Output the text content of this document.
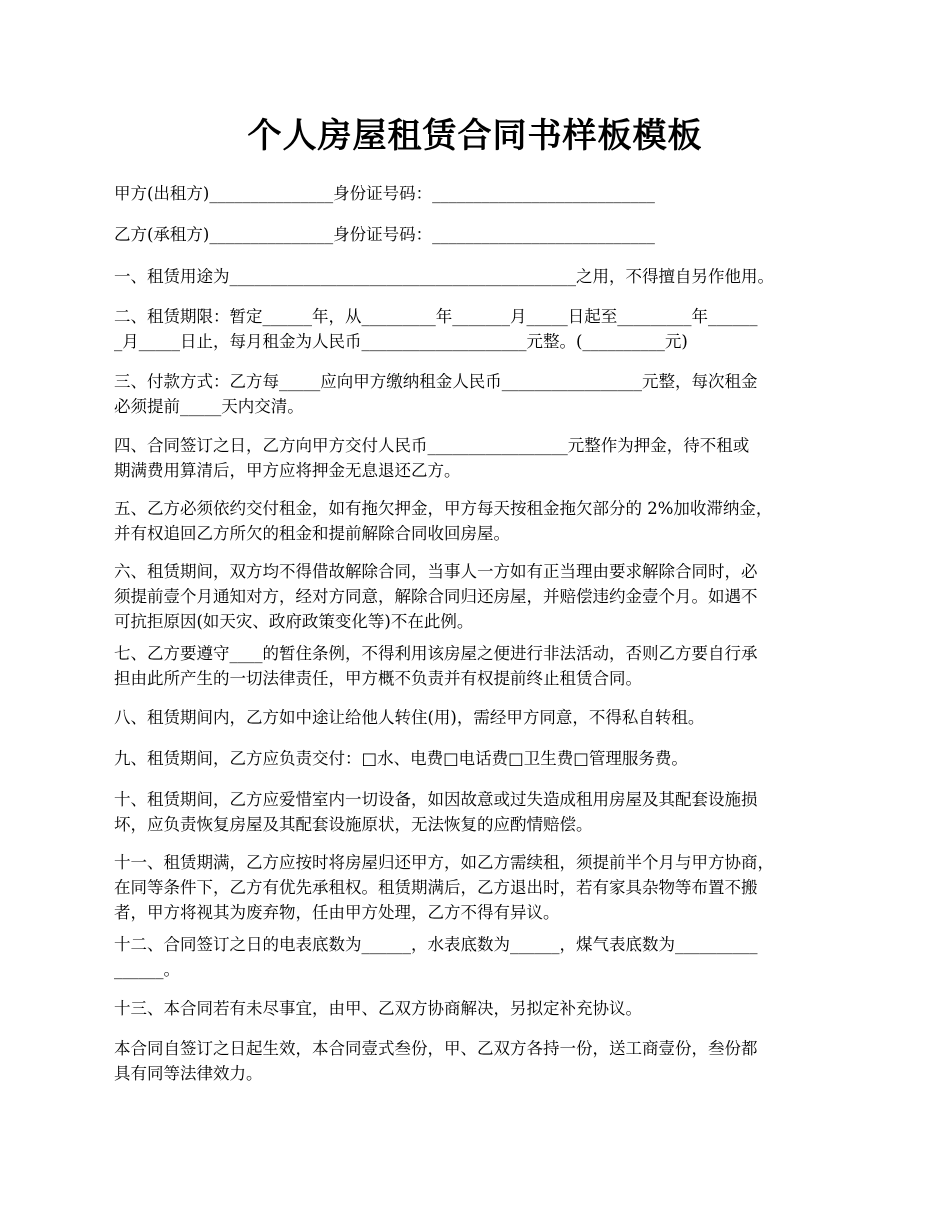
个人房屋租赁合同书样板模板

甲方(出租方)_______________身份证号码：___________________________

乙方(承租方)_______________身份证号码：___________________________

一、租赁用途为__________________________________________之用，不得擅自另作他用。

二、租赁期限：暂定______年，从_________年_______月_____日起至_________年______
_月_____日止，每月租金为人民币____________________元整。(__________元)

三、付款方式：乙方每_____应向甲方缴纳租金人民币_________________元整，每次租金
必须提前_____天内交清。

四、合同签订之日，乙方向甲方交付人民币_________________元整作为押金，待不租或
期满费用算清后，甲方应将押金无息退还乙方。

五、乙方必须依约交付租金，如有拖欠押金，甲方每天按租金拖欠部分的 2%加收滞纳金，
并有权追回乙方所欠的租金和提前解除合同收回房屋。

六、租赁期间，双方均不得借故解除合同，当事人一方如有正当理由要求解除合同时，必
须提前壹个月通知对方，经对方同意，解除合同归还房屋，并赔偿违约金壹个月。如遇不
可抗拒原因(如天灾、政府政策变化等)不在此例。

七、乙方要遵守____的暂住条例，不得利用该房屋之便进行非法活动，否则乙方要自行承
担由此所产生的一切法律责任，甲方概不负责并有权提前终止租赁合同。

八、租赁期间内，乙方如中途让给他人转住(用)，需经甲方同意，不得私自转租。

九、租赁期间，乙方应负责交付：□水、电费□电话费□卫生费□管理服务费。

十、租赁期间，乙方应爱惜室内一切设备，如因故意或过失造成租用房屋及其配套设施损
坏，应负责恢复房屋及其配套设施原状，无法恢复的应酌情赔偿。

十一、租赁期满，乙方应按时将房屋归还甲方，如乙方需续租，须提前半个月与甲方协商，
在同等条件下，乙方有优先承租权。租赁期满后，乙方退出时，若有家具杂物等布置不搬
者，甲方将视其为废弃物，任由甲方处理，乙方不得有异议。

十二、合同签订之日的电表底数为______，水表底数为______，煤气表底数为__________
______。

十三、本合同若有未尽事宜，由甲、乙双方协商解决，另拟定补充协议。

本合同自签订之日起生效，本合同壹式叁份，甲、乙双方各持一份，送工商壹份，叁份都
具有同等法律效力。
